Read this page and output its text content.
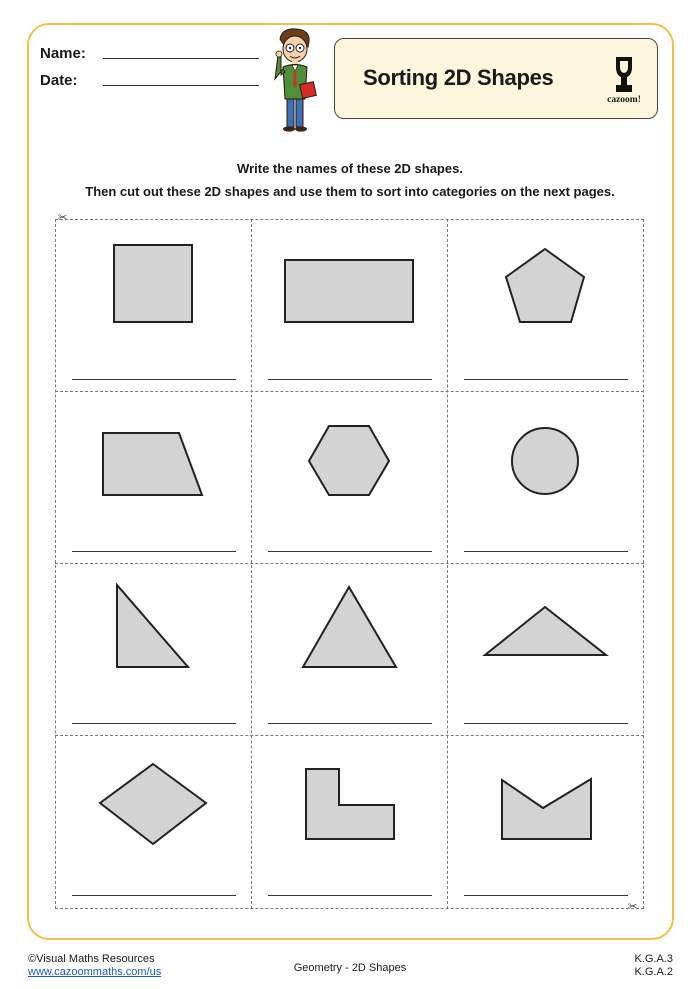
Name:
Date:	Sorting 2D Shapes
cazoom!
Write the names of these 2D shapes.
Then cut out these 2D shapes and use them to sort into categories on the next pages.
✂
✂
©Visual Maths Resources
www.cazoommaths.com/us	Geometry - 2D Shapes
K.G.A.3
K.G.A.2
